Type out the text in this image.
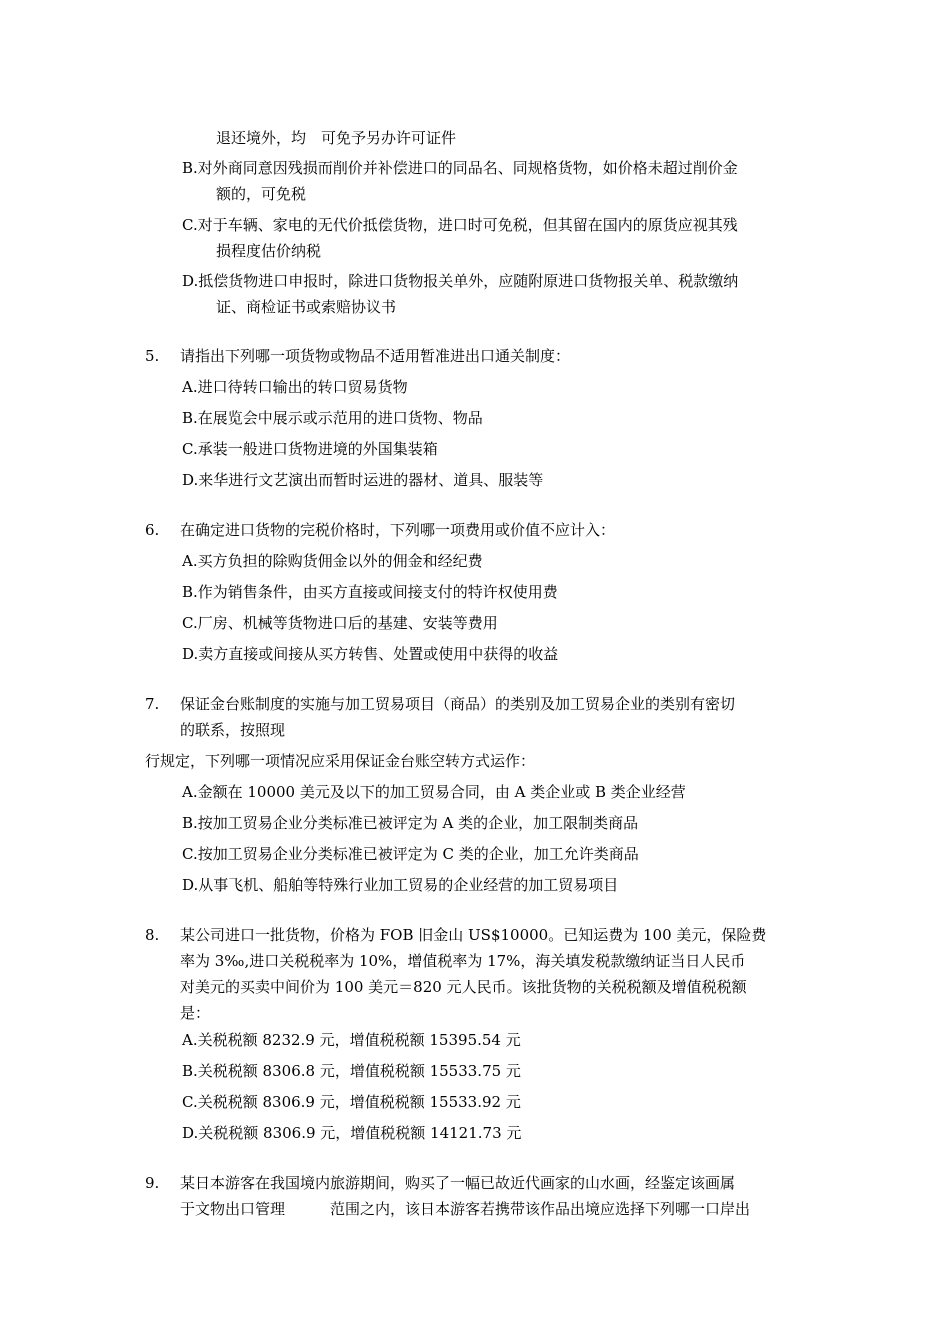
退还境外，均　可免予另办许可证件
B.对外商同意因残损而削价并补偿进口的同品名、同规格货物，如价格未超过削价金
额的，可免税
C.对于车辆、家电的无代价抵偿货物，进口时可免税，但其留在国内的原货应视其残
损程度估价纳税
D.抵偿货物进口申报时，除进口货物报关单外，应随附原进口货物报关单、税款缴纳
证、商检证书或索赔协议书
5. 请指出下列哪一项货物或物品不适用暂准进出口通关制度：
A.进口待转口输出的转口贸易货物
B.在展览会中展示或示范用的进口货物、物品
C.承装一般进口货物进境的外国集装箱
D.来华进行文艺演出而暂时运进的器材、道具、服装等
6. 在确定进口货物的完税价格时，下列哪一项费用或价值不应计入：
A.买方负担的除购货佣金以外的佣金和经纪费
B.作为销售条件，由买方直接或间接支付的特许权使用费
C.厂房、机械等货物进口后的基建、安装等费用
D.卖方直接或间接从买方转售、处置或使用中获得的收益
7. 保证金台账制度的实施与加工贸易项目（商品）的类别及加工贸易企业的类别有密切
的联系，按照现
行规定，下列哪一项情况应采用保证金台账空转方式运作：
A.金额在 10000 美元及以下的加工贸易合同，由 A 类企业或 B 类企业经营
B.按加工贸易企业分类标准已被评定为 A 类的企业，加工限制类商品
C.按加工贸易企业分类标准已被评定为 C 类的企业，加工允许类商品
D.从事飞机、船舶等特殊行业加工贸易的企业经营的加工贸易项目
8. 某公司进口一批货物，价格为 FOB 旧金山 US$10000。已知运费为 100 美元，保险费
率为 3‰,进口关税税率为 10%，增值税率为 17%，海关填发税款缴纳证当日人民币
对美元的买卖中间价为 100 美元＝820 元人民币。该批货物的关税税额及增值税税额
是：
A.关税税额 8232.9 元，增值税税额 15395.54 元
B.关税税额 8306.8 元，增值税税额 15533.75 元
C.关税税额 8306.9 元，增值税税额 15533.92 元
D.关税税额 8306.9 元，增值税税额 14121.73 元
9. 某日本游客在我国境内旅游期间，购买了一幅已故近代画家的山水画，经鉴定该画属
于文物出口管理　　　范围之内，该日本游客若携带该作品出境应选择下列哪一口岸出
